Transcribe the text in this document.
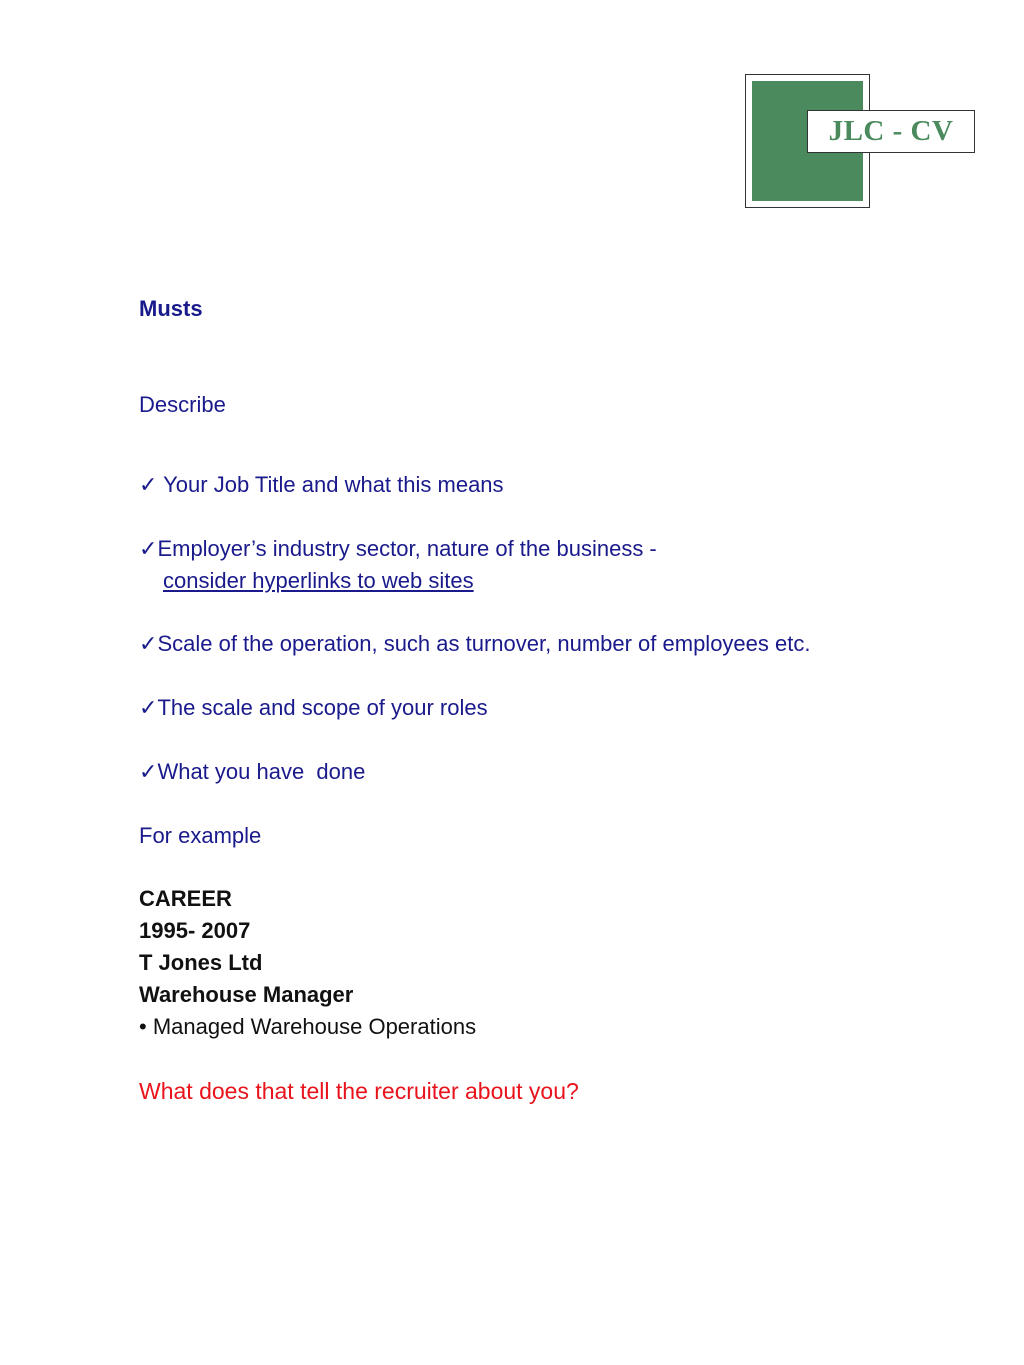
JLC - CV
Musts
Describe
✓ Your Job Title and what this means
✓Employer’s industry sector, nature of the business -
consider hyperlinks to web sites
✓Scale of the operation, such as turnover, number of employees etc.
✓The scale and scope of your roles
✓What you have  done
For example
CAREER
1995- 2007
T Jones Ltd
Warehouse Manager
• Managed Warehouse Operations
What does that tell the recruiter about you?
